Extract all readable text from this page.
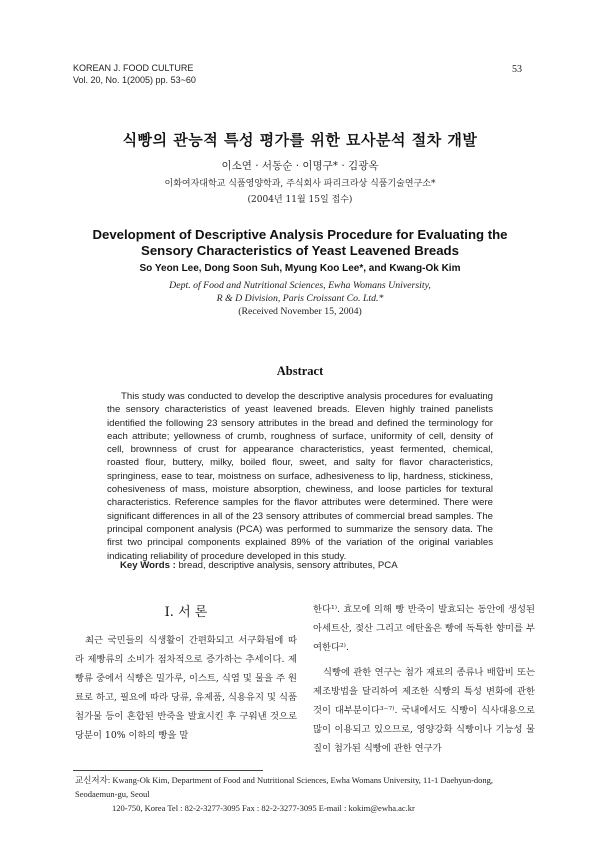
KOREAN J. FOOD CULTURE
Vol. 20, No. 1(2005) pp. 53~60
53
식빵의 관능적 특성 평가를 위한 묘사분석 절차 개발
이소연 · 서동순 · 이명구* · 김광옥
이화여자대학교 식품영양학과, 주식회사 파리크라상 식품기술연구소*
(2004년 11월 15일 접수)
Development of Descriptive Analysis Procedure for Evaluating the
Sensory Characteristics of Yeast Leavened Breads
So Yeon Lee, Dong Soon Suh, Myung Koo Lee*, and Kwang-Ok Kim
Dept. of Food and Nutritional Sciences, Ewha Womans University,
R & D Division, Paris Croissant Co. Ltd.*
(Received November 15, 2004)
Abstract

This study was conducted to develop the descriptive analysis procedures for evaluating the sensory characteristics of yeast leavened breads. Eleven highly trained panelists identified the following 23 sensory attributes in the bread and defined the terminology for each attribute; yellowness of crumb, roughness of surface, uniformity of cell, density of cell, brownness of crust for appearance characteristics, yeast fermented, chemical, roasted flour, buttery, milky, boiled flour, sweet, and salty for flavor characteristics, springiness, ease to tear, moistness on surface, adhesiveness to lip, hardness, stickiness, cohesiveness of mass, moisture absorption, chewiness, and loose particles for textural characteristics. Reference samples for the flavor attributes were determined. There were significant differences in all of the 23 sensory attributes of commercial bread samples. The principal component analysis (PCA) was performed to summarize the sensory data. The first two principal components explained 89% of the variation of the original variables indicating reliability of procedure developed in this study.

Key Words : bread, descriptive analysis, sensory attributes, PCA
I. 서 론

최근 국민들의 식생활이 간편화되고 서구화됨에 따라 제빵류의 소비가 점차적으로 증가하는 추세이다. 제빵류 중에서 식빵은 밀가루, 이스트, 식염 및 물을 주 원료로 하고, 필요에 따라 당류, 유제품, 식용유지 및 식품 첨가물 등이 혼합된 반죽을 발효시킨 후 구워낸 것으로 당분이 10% 이하의 빵을 말

한다¹⁾. 효모에 의해 빵 반죽이 발효되는 동안에 생성된 아세트산, 젖산 그리고 에탄올은 빵에 독특한 향미를 부여한다²⁾.

식빵에 관한 연구는 첨가 재료의 종류나 배합비 또는 제조방법을 달리하여 제조한 식빵의 특성 변화에 관한 것이 대부분이다³⁻⁷⁾. 국내에서도 식빵이 식사대용으로 많이 이용되고 있으므로, 영양강화 식빵이나 기능성 물질이 첨가된 식빵에 관한 연구가

교신저자: Kwang-Ok Kim, Department of Food and Nutritional Sciences, Ewha Womans University, 11-1 Daehyun-dong, Seodaemun-gu, Seoul
120-750, Korea Tel : 82-2-3277-3095 Fax : 82-2-3277-3095 E-mail : kokim@ewha.ac.kr
